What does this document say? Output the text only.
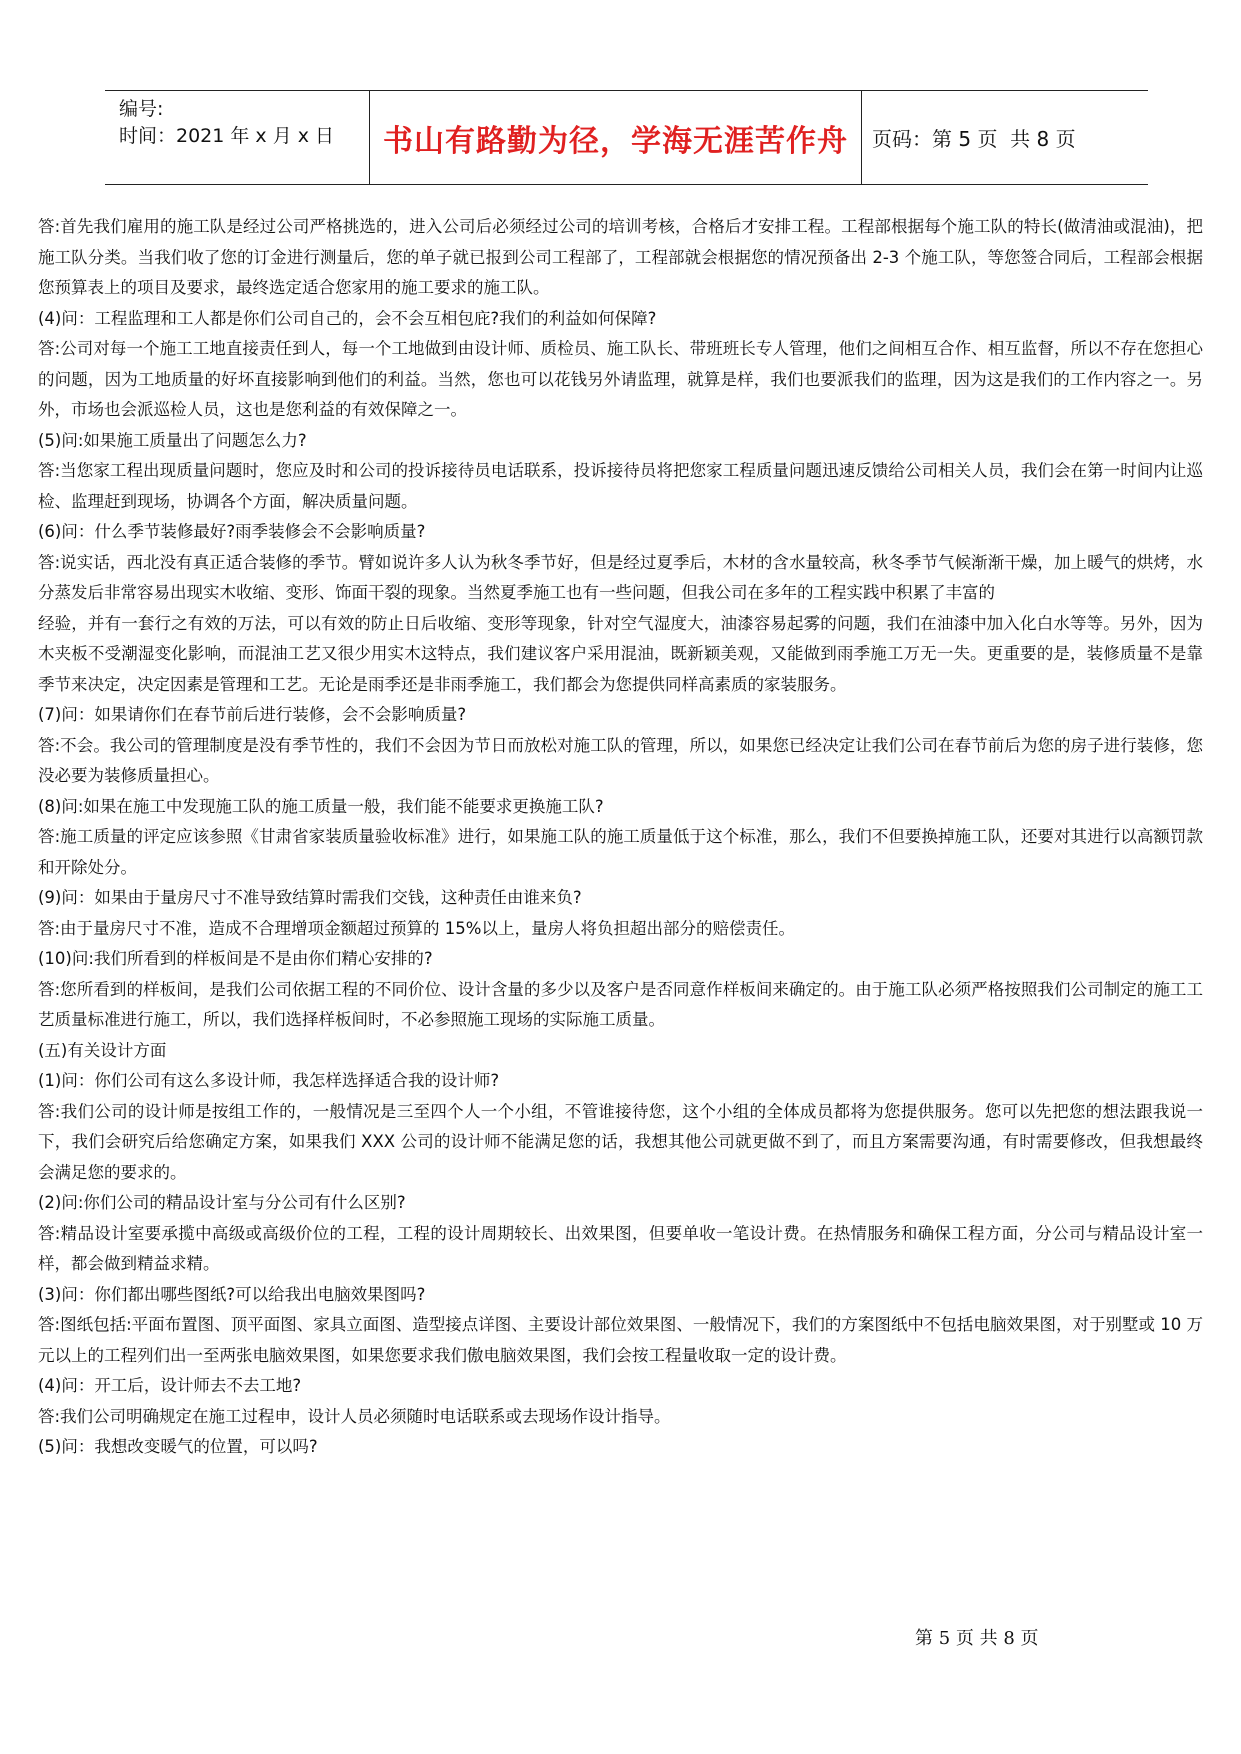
编号:
时间：2021 年 x 月 x 日	书山有路勤为径，学海无涯苦作舟	页码：第 5 页  共 8 页

答:首先我们雇用的施工队是经过公司严格挑选的，进入公司后必须经过公司的培训考核，合格后才安排工程。工程部根据每个施工队的特长(做清油或混油)，把施工队分类。当我们收了您的订金进行测量后，您的单子就已报到公司工程部了，工程部就会根据您的情况预备出 2-3 个施工队，等您签合同后，工程部会根据您预算表上的项目及要求，最终选定适合您家用的施工要求的施工队。

(4)问：工程监理和工人都是你们公司自己的，会不会互相包庇?我们的利益如何保障?

答:公司对每一个施工工地直接责任到人，每一个工地做到由设计师、质检员、施工队长、带班班长专人管理，他们之间相互合作、相互监督，所以不存在您担心的问题，因为工地质量的好坏直接影响到他们的利益。当然，您也可以花钱另外请监理，就算是样，我们也要派我们的监理，因为这是我们的工作内容之一。另外，市场也会派巡检人员，这也是您利益的有效保障之一。

(5)问:如果施工质量出了问题怎么力?

答:当您家工程出现质量问题时，您应及时和公司的投诉接待员电话联系，投诉接待员将把您家工程质量问题迅速反馈给公司相关人员，我们会在第一时间内让巡检、监理赶到现场，协调各个方面，解决质量问题。

(6)问：什么季节装修最好?雨季装修会不会影响质量?

答:说实话，西北没有真正适合装修的季节。臂如说许多人认为秋冬季节好，但是经过夏季后，木材的含水量较高，秋冬季节气候渐渐干燥，加上暖气的烘烤，水分蒸发后非常容易出现实木收缩、变形、饰面干裂的现象。当然夏季施工也有一些问题，但我公司在多年的工程实践中积累了丰富的

经验，并有一套行之有效的万法，可以有效的防止日后收缩、变形等现象，针对空气湿度大，油漆容易起雾的问题，我们在油漆中加入化白水等等。另外，因为木夹板不受潮湿变化影响，而混油工艺又很少用实木这特点，我们建议客户采用混油，既新颖美观，又能做到雨季施工万无一失。更重要的是，装修质量不是靠季节来决定，决定因素是管理和工艺。无论是雨季还是非雨季施工，我们都会为您提供同样高素质的家装服务。

(7)问：如果请你们在春节前后进行装修，会不会影响质量?

答:不会。我公司的管理制度是没有季节性的，我们不会因为节日而放松对施工队的管理，所以，如果您已经决定让我们公司在春节前后为您的房子进行装修，您没必要为装修质量担心。

(8)问:如果在施工中发现施工队的施工质量一般，我们能不能要求更换施工队?

答:施工质量的评定应该参照《甘肃省家装质量验收标准》进行，如果施工队的施工质量低于这个标准，那么，我们不但要换掉施工队，还要对其进行以高额罚款和开除处分。

(9)问：如果由于量房尺寸不准导致结算时需我们交钱，这种责任由谁来负?

答:由于量房尺寸不准，造成不合理增项金额超过预算的 15%以上，量房人将负担超出部分的赔偿责任。

(10)问:我们所看到的样板间是不是由你们精心安排的?

答:您所看到的样板间，是我们公司依据工程的不同价位、设计含量的多少以及客户是否同意作样板间来确定的。由于施工队必须严格按照我们公司制定的施工工艺质量标准进行施工，所以，我们选择样板间时，不必参照施工现场的实际施工质量。

(五)有关设计方面

(1)问：你们公司有这么多设计师，我怎样选择适合我的设计师?

答:我们公司的设计师是按组工作的，一般情况是三至四个人一个小组，不管谁接待您，这个小组的全体成员都将为您提供服务。您可以先把您的想法跟我说一下，我们会研究后给您确定方案，如果我们 XXX 公司的设计师不能满足您的话，我想其他公司就更做不到了，而且方案需要沟通，有时需要修改，但我想最终会满足您的要求的。

(2)问:你们公司的精品设计室与分公司有什么区别?

答:精品设计室要承揽中高级或高级价位的工程，工程的设计周期较长、出效果图，但要单收一笔设计费。在热情服务和确保工程方面，分公司与精品设计室一样，都会做到精益求精。

(3)问：你们都出哪些图纸?可以给我出电脑效果图吗?

答:图纸包括:平面布置图、顶平面图、家具立面图、造型接点详图、主要设计部位效果图、一般情况下，我们的方案图纸中不包括电脑效果图，对于别墅或 10 万元以上的工程列们出一至两张电脑效果图，如果您要求我们傲电脑效果图，我们会按工程量收取一定的设计费。

(4)问：开工后，设计师去不去工地?

答:我们公司明确规定在施工过程申，设计人员必须随时电话联系或去现场作设计指导。

(5)问：我想改变暖气的位置，可以吗?

第 5 页 共 8 页
